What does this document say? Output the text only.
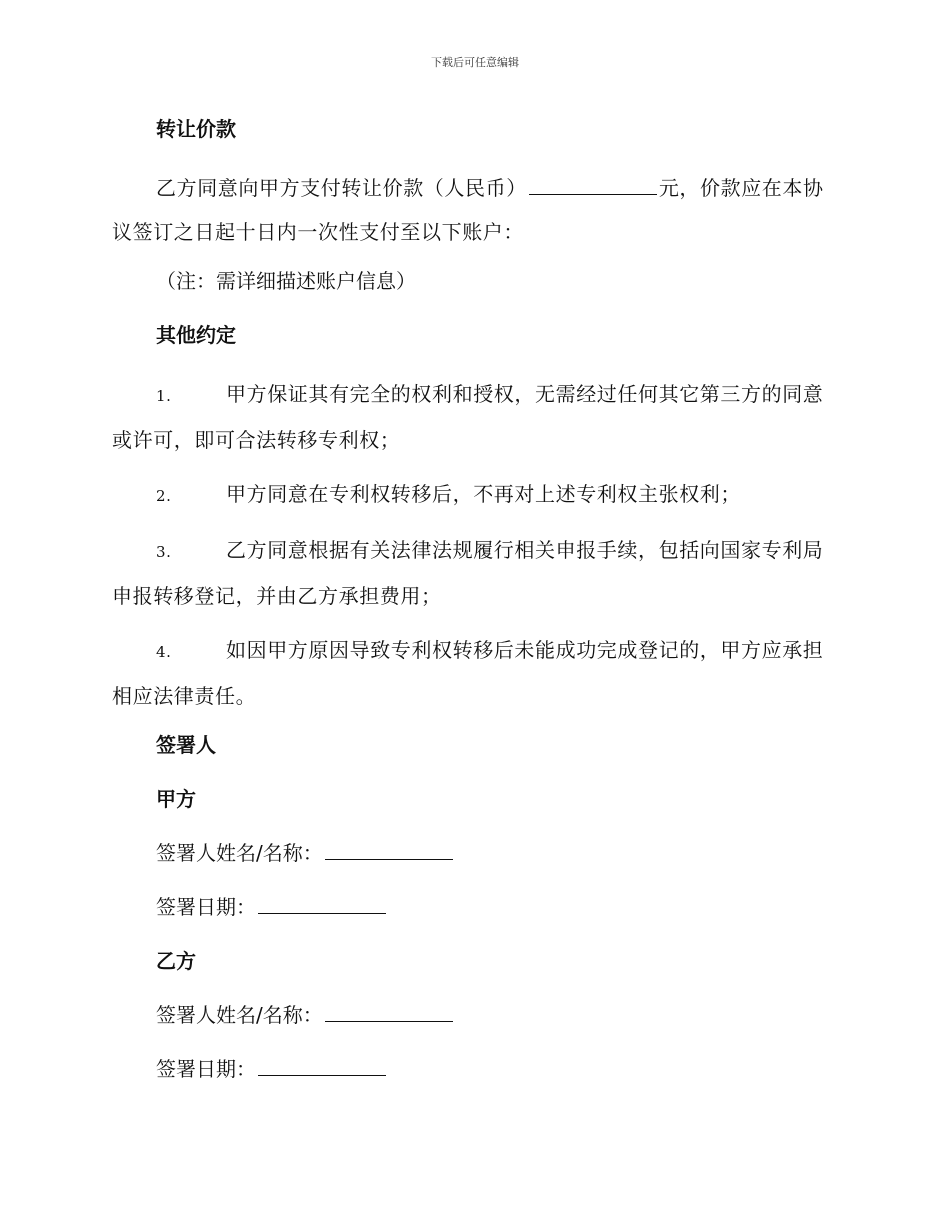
下载后可任意编辑
转让价款

乙方同意向甲方支付转让价款（人民币）	元，价款应在本协议签订之日起十日内一次性支付至以下账户：

（注：需详细描述账户信息）
其他约定
1.	甲方保证其有完全的权利和授权，无需经过任何其它第三方的同意或许可，即可合法转移专利权；
2.	甲方同意在专利权转移后，不再对上述专利权主张权利；
3.	乙方同意根据有关法律法规履行相关申报手续，包括向国家专利局申报转移登记，并由乙方承担费用；
4.	如因甲方原因导致专利权转移后未能成功完成登记的，甲方应承担相应法律责任。
签署人
甲方
签署人姓名/名称：
签署日期：
乙方
签署人姓名/名称：
签署日期：
